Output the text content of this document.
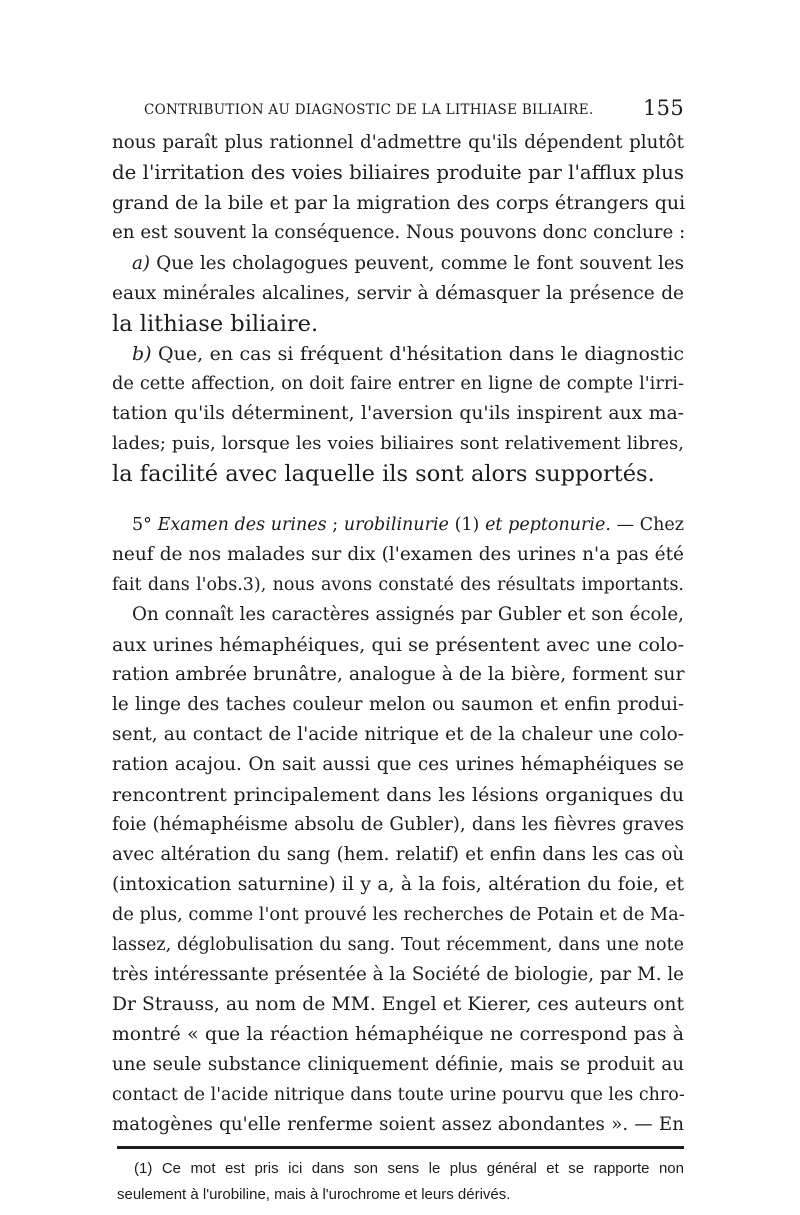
CONTRIBUTION AU DIAGNOSTIC DE LA LITHIASE BILIAIRE. 155
nous paraît plus rationnel d'admettre qu'ils dépendent plutôt
de l'irritation des voies biliaires produite par l'afflux plus
grand de la bile et par la migration des corps étrangers qui
en est souvent la conséquence. Nous pouvons donc conclure :
a) Que les cholagogues peuvent, comme le font souvent les
eaux minérales alcalines, servir à démasquer la présence de
la lithiase biliaire.
b) Que, en cas si fréquent d'hésitation dans le diagnostic
de cette affection, on doit faire entrer en ligne de compte l'irri-
tation qu'ils déterminent, l'aversion qu'ils inspirent aux ma-
lades; puis, lorsque les voies biliaires sont relativement libres,
la facilité avec laquelle ils sont alors supportés.
5° Examen des urines ; urobilinurie (1) et peptonurie. — Chez
neuf de nos malades sur dix (l'examen des urines n'a pas été
fait dans l'obs.3), nous avons constaté des résultats importants.
On connaît les caractères assignés par Gubler et son école,
aux urines hémaphéiques, qui se présentent avec une colo-
ration ambrée brunâtre, analogue à de la bière, forment sur
le linge des taches couleur melon ou saumon et enfin produi-
sent, au contact de l'acide nitrique et de la chaleur une colo-
ration acajou. On sait aussi que ces urines hémaphéiques se
rencontrent principalement dans les lésions organiques du
foie (hémaphéisme absolu de Gubler), dans les fièvres graves
avec altération du sang (hem. relatif) et enfin dans les cas où
(intoxication saturnine) il y a, à la fois, altération du foie, et
de plus, comme l'ont prouvé les recherches de Potain et de Ma-
lassez, déglobulisation du sang. Tout récemment, dans une note
très intéressante présentée à la Société de biologie, par M. le
Dr Strauss, au nom de MM. Engel et Kierer, ces auteurs ont
montré « que la réaction hémaphéique ne correspond pas à
une seule substance cliniquement définie, mais se produit au
contact de l'acide nitrique dans toute urine pourvu que les chro-
matogènes qu'elle renferme soient assez abondantes ». — En
(1) Ce mot est pris ici dans son sens le plus général et se rapporte non
seulement à l'urobiline, mais à l'urochrome et leurs dérivés.
